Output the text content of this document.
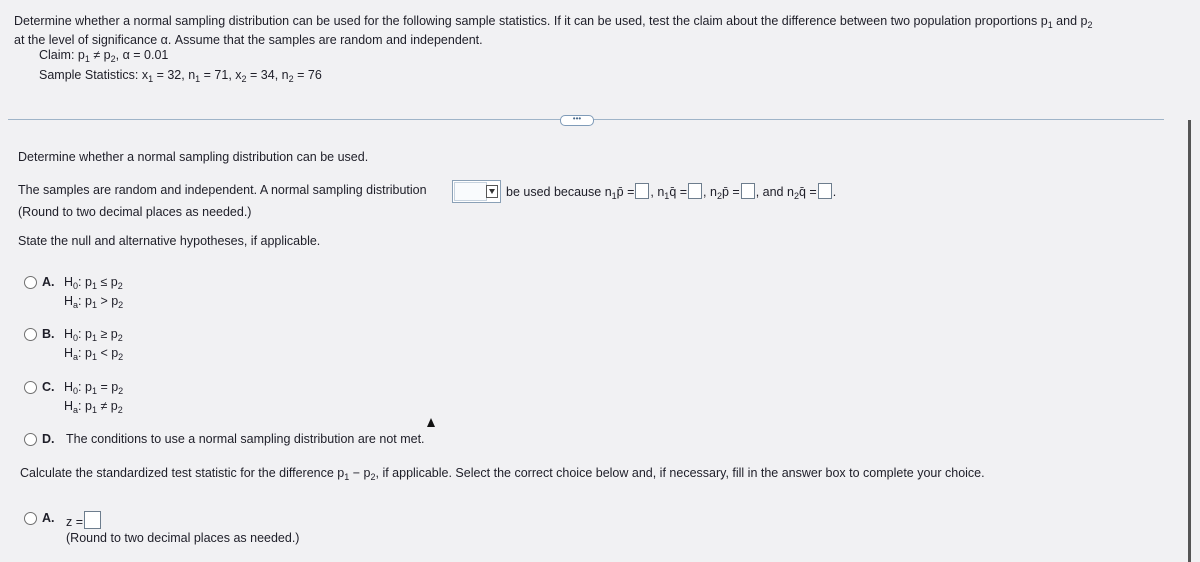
Determine whether a normal sampling distribution can be used for the following sample statistics. If it can be used, test the claim about the difference between two population proportions $p_1$ and $p_2$
at the level of significance α. Assume that the samples are random and independent.
Claim: $p_1 \ne p_2$, α = 0.01
Sample Statistics: $x_1 = 32$, $n_1 = 71$, $x_2 = 34$, $n_2 = 76$
•••
Determine whether a normal sampling distribution can be used.
The samples are random and independent. A normal sampling distribution	be used because $n_1p̄$ = , $n_1q̄$ = , $n_2p̄$ = , and $n_2q̄$ = .
(Round to two decimal places as needed.)
State the null and alternative hypotheses, if applicable.
A. $H_0$: $p_1 \le p_2$
$H_a$: $p_1 > p_2$
B. $H_0$: $p_1 \ge p_2$
$H_a$: $p_1 < p_2$
C. $H_0$: $p_1 = p_2$
$H_a$: $p_1 \ne p_2$
D. The conditions to use a normal sampling distribution are not met.
Calculate the standardized test statistic for the difference $p_1 - p_2$, if applicable. Select the correct choice below and, if necessary, fill in the answer box to complete your choice.
A. z =
(Round to two decimal places as needed.)
